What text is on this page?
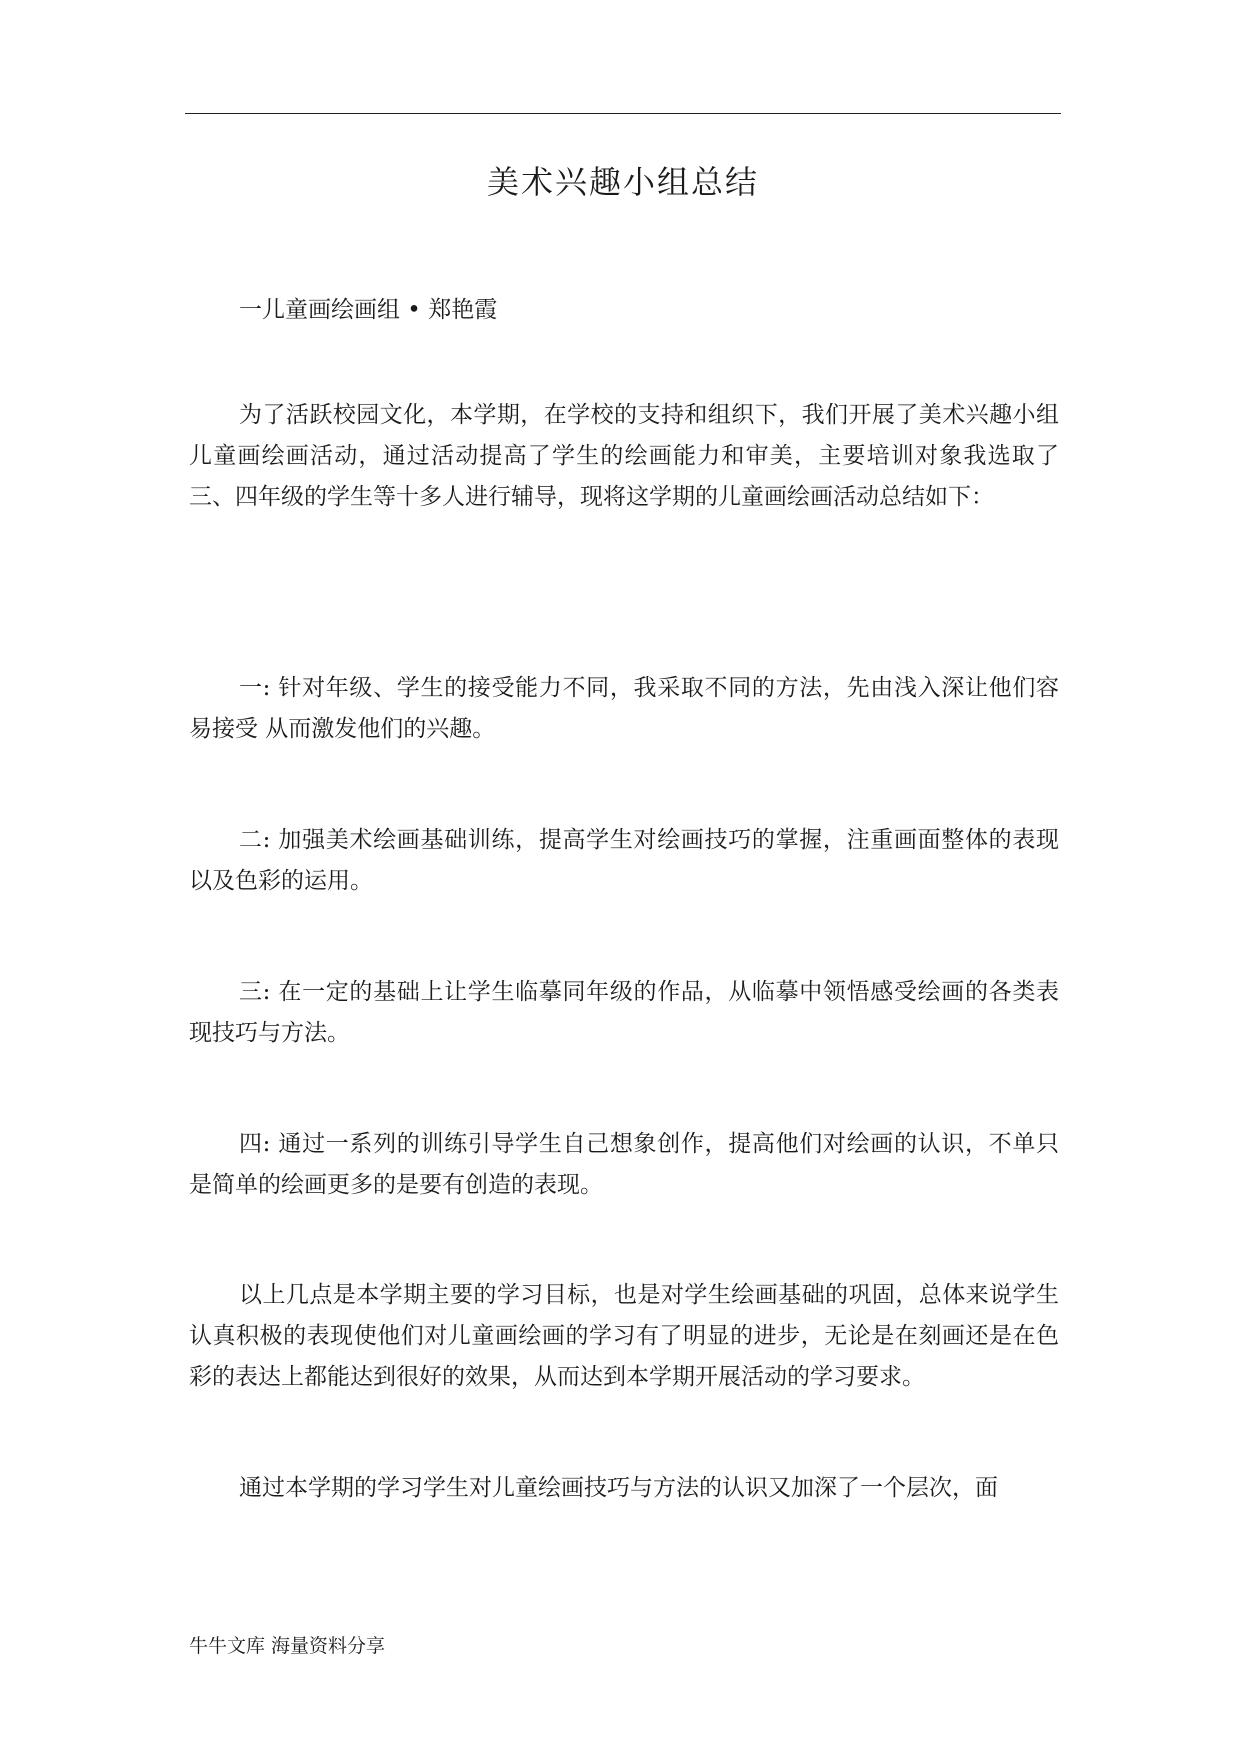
美术兴趣小组总结
一儿童画绘画组 • 郑艳霞

为了活跃校园文化，本学期，在学校的支持和组织下，我们开展了美术兴趣小组儿童画绘画活动，通过活动提高了学生的绘画能力和审美，主要培训对象我选取了三、四年级的学生等十多人进行辅导，现将这学期的儿童画绘画活动总结如下：

一: 针对年级、学生的接受能力不同，我采取不同的方法，先由浅入深让他们容易接受 从而激发他们的兴趣。

二: 加强美术绘画基础训练，提高学生对绘画技巧的掌握，注重画面整体的表现以及色彩的运用。

三: 在一定的基础上让学生临摹同年级的作品，从临摹中领悟感受绘画的各类表现技巧与方法。

四: 通过一系列的训练引导学生自己想象创作，提高他们对绘画的认识，不单只是简单的绘画更多的是要有创造的表现。

以上几点是本学期主要的学习目标，也是对学生绘画基础的巩固，总体来说学生认真积极的表现使他们对儿童画绘画的学习有了明显的进步，无论是在刻画还是在色彩的表达上都能达到很好的效果，从而达到本学期开展活动的学习要求。

通过本学期的学习学生对儿童绘画技巧与方法的认识又加深了一个层次，面

牛牛文库 海量资料分享
